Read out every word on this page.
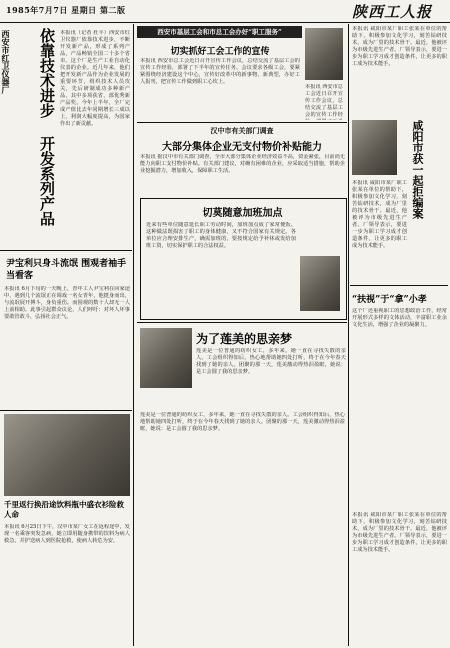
1985年7月7日 星期日 第二版	陕西工人报
西安市红卫仪器厂	依靠技术进步 开发系列产品 本报讯（记者 杜平）西安市红卫仪器厂依靠技术进步，不断开发新产品，形成了系列产品，产品畅销全国二十多个省市。这个厂是生产工业自动化仪表的企业。近几年来，他们把开发新产品作为企业发展的重要环节，组织技术人员攻关，先后研制成功多种新产品，其中多项获省、部优秀新产品奖。今年上半年，全厂完成产值比去年同期增长三成以上，利润大幅度提高，为国家作出了新贡献。
尹宝利只身斗流氓 围观者袖手当看客
本报讯 6月下旬的一天晚上，青年工人尹宝利在回家途中，遇到几个流氓正在调戏一名女青年，他挺身而出，与流氓展开搏斗，身负重伤。而围观的数十人却无一人上前相助。此事引起群众议论，人们呼吁：对坏人坏事要敢管敢斗，弘扬社会正气。
千里返行换沿途饮料瓶中盛衣衫险救人命
本报讯 6月25日下午，汉中市某厂女工在返程途中，发现一名乘客突发急病，她立即用随身携带的饮料为病人救急，并护送病人到医院抢救，使病人转危为安。
西安市基层工会和市总工会办好“职工服务”
切实抓好工会工作的宣传
本报讯 西安市总工会近日召开宣传工作会议，总结交流了基层工会的宣传工作经验，部署了下半年的宣传任务。会议要求各级工会，要紧紧围绕经济建设这个中心，宣传好改革中的新事物、新典型，办好工人报刊，把宣传工作做到职工心坎上。
本报讯 西安市总工会近日召开宣传工作会议，总结交流了基层工会的宣传工作经
汉中市有关部门调查
大部分集体企业无支付物价补贴能力
本报讯 据汉中市有关部门调查，全市大部分集体企业经济效益不高，资金紧张，目前尚无能力向职工支付物价补贴。有关部门建议，对确有困难的企业，应采取适当措施，帮助企业挖掘潜力，增加收入，保障职工生活。
切莫随意加班加点
近来有些单位随意延长职工劳动时间，加班加点成了家常便饭。这种做法既损害了职工的身体健康，又不符合国家有关规定。各单位应合理安排生产，确需加班的，要按规定给予补休或发给加班工资，切实保护职工的合法权益。
为了莲美的思亲梦
莲美是一位普通的纺织女工，多年来，她一直在寻找失散的亲人。工会组织得知后，热心地帮助她四处打听，终于在今年春天找到了她的亲人。团聚的那一天，莲美激动得热泪盈眶，她说：是工会圆了我的思亲梦。
莲美是一位普通的纺织女工，多年来，她一直在寻找失散的亲人。工会组织得知后，热心地帮助她四处打听，终于在今年春天找到了她的亲人。团聚的那一天，莲美激动得热泪盈眶，她说：是工会圆了我的思亲梦。
本报讯 咸阳市某厂职工张某在单位的帮助下，积极参加文化学习，刻苦钻研技术，成为厂里的技术骨干。最近，他被评为市级先进生产者。厂领导表示，要进一步为职工学习成才创造条件，让更多的职工成为技术能手。
咸阳市获一起拒编案
本报讯 咸阳市某厂职工张某在单位的帮助下，积极参加文化学习，刻苦钻研技术，成为厂里的技术骨干。最近，他被评为市级先进生产者。厂领导表示，要进一步为职工学习成才创造条件，让更多的职工成为技术能手。
“扶视”于“拿”小孝
这个厂还重视职工的思想政治工作，经常开展形式多样的文体活动，丰富职工业余文化生活，增强了企业的凝聚力。
本报讯 咸阳市某厂职工张某在单位的帮助下，积极参加文化学习，刻苦钻研技术，成为厂里的技术骨干。最近，他被评为市级先进生产者。厂领导表示，要进一步为职工学习成才创造条件，让更多的职工成为技术能手。
